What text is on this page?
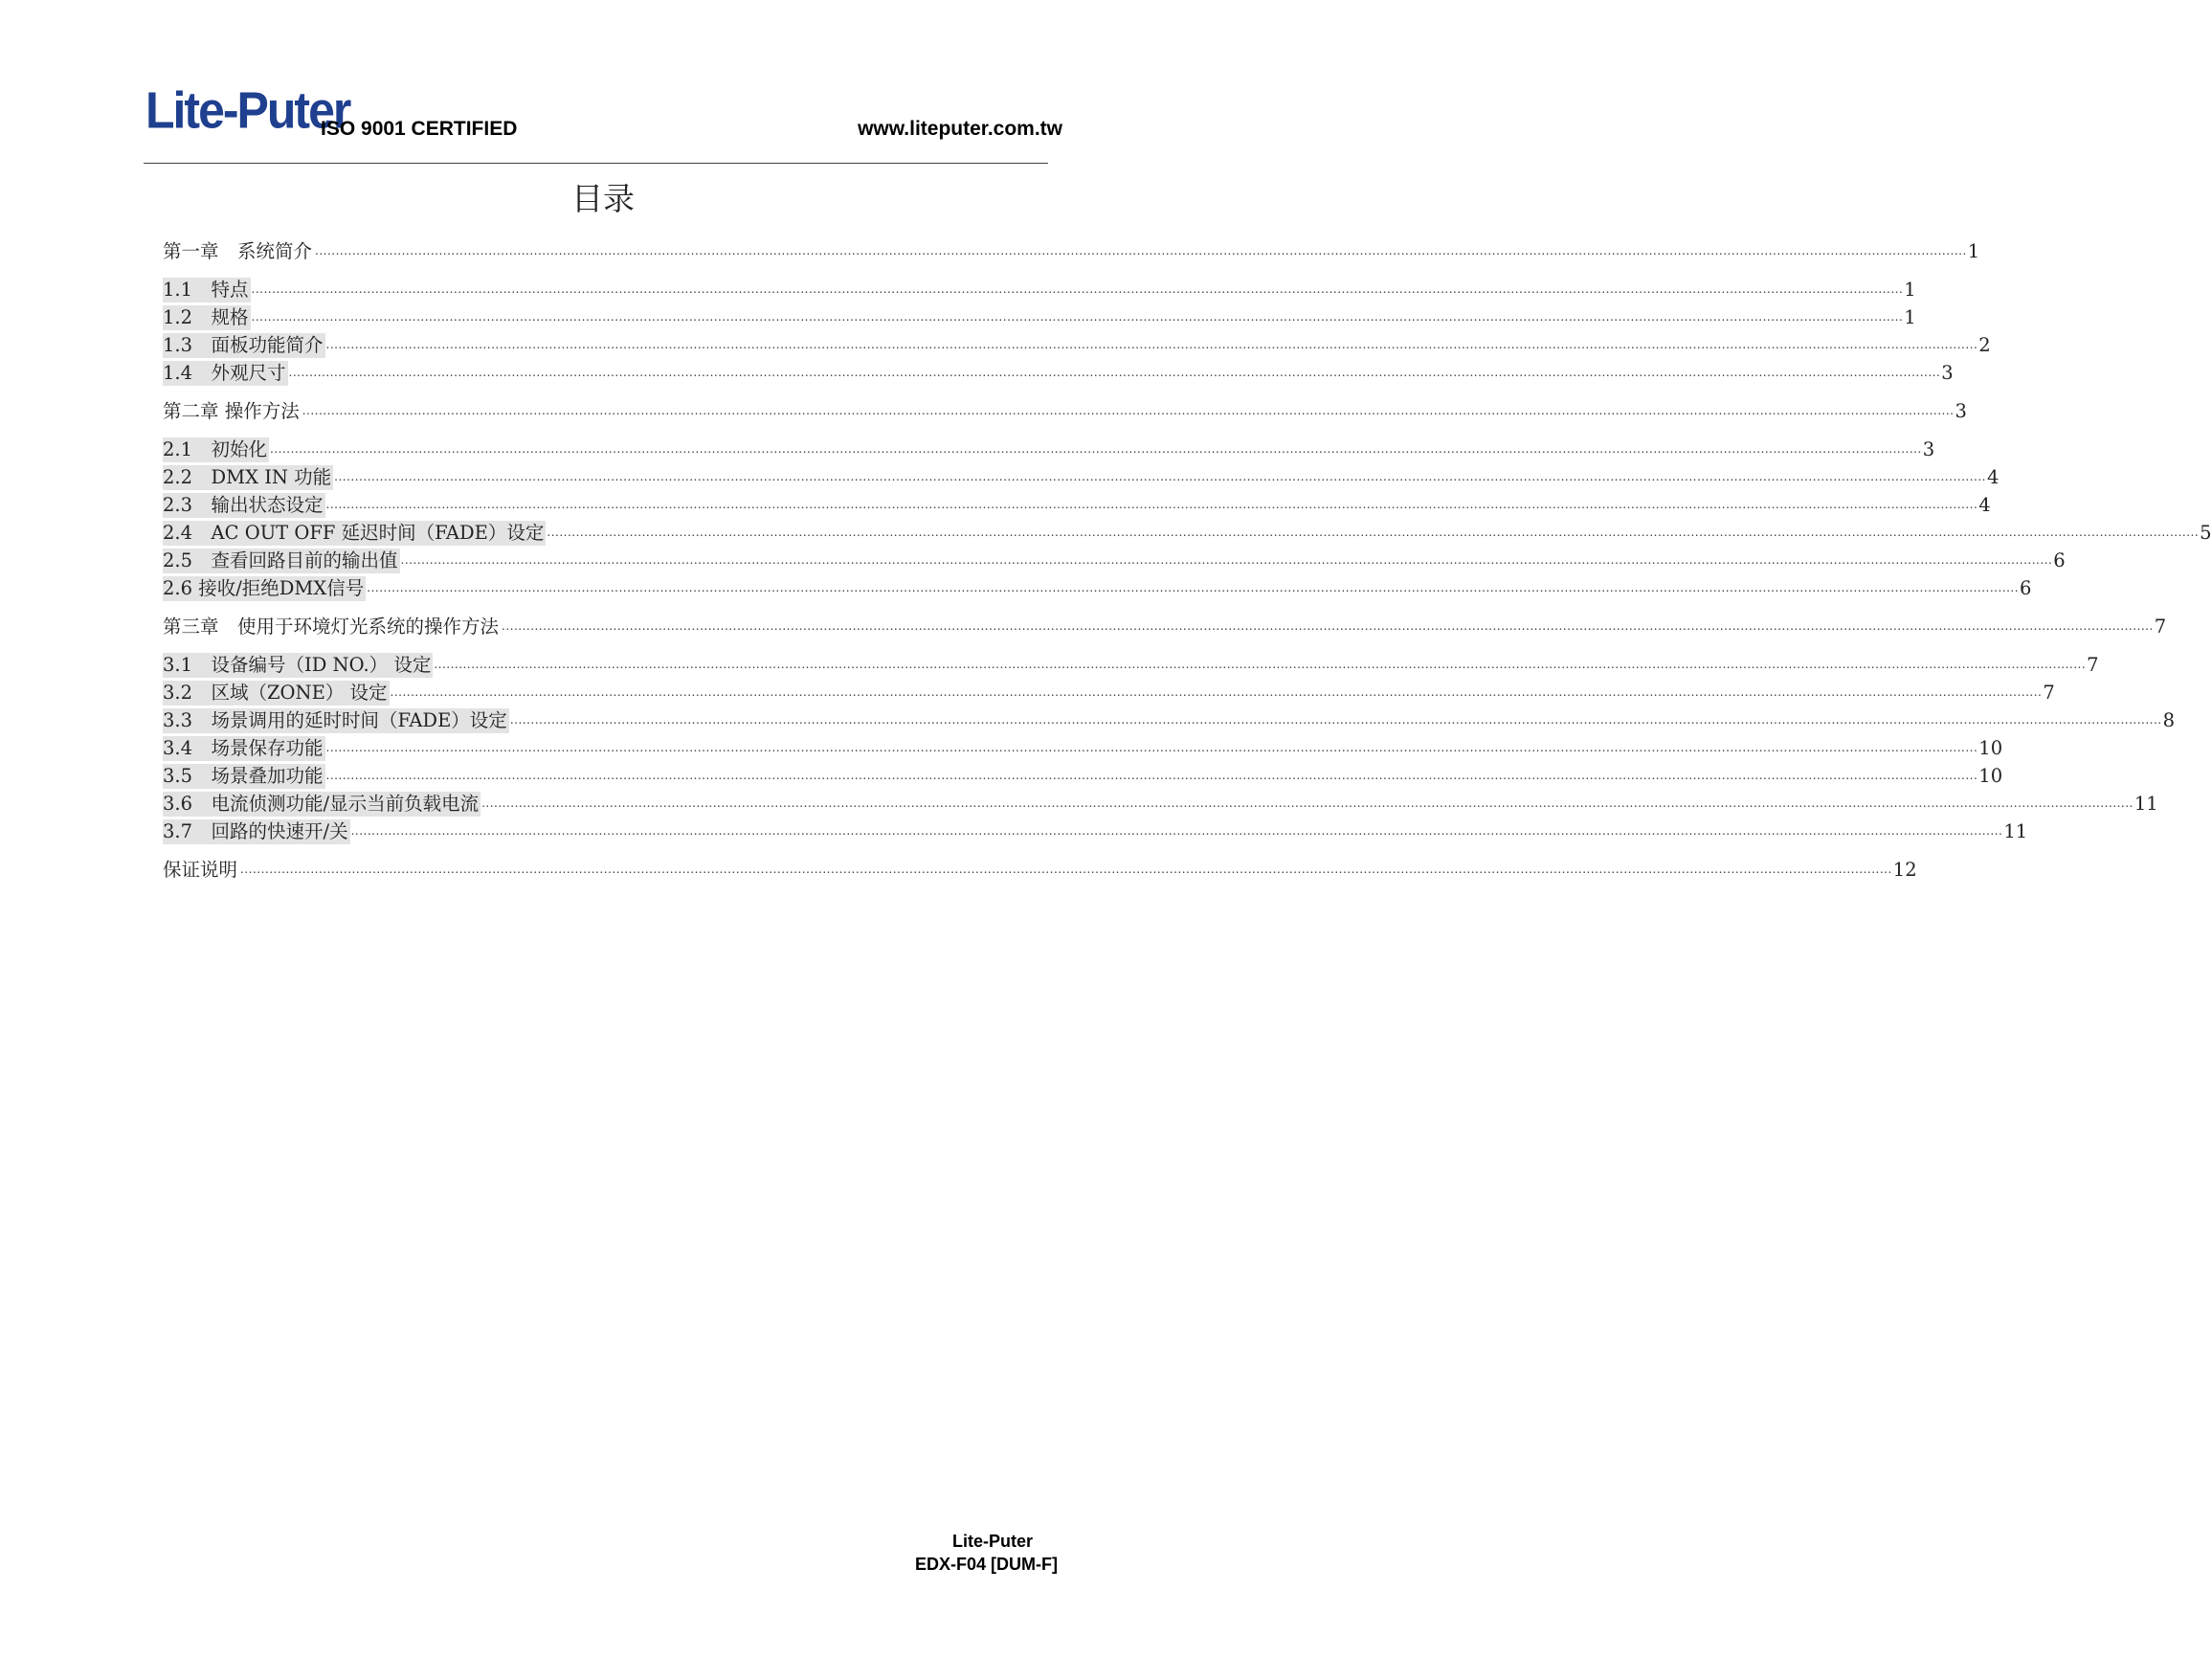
Lite-Puter
ISO 9001 CERTIFIED	www.liteputer.com.tw
目录
第一章　系统简介 ................................................................................................................................................................................................................................................................................................................................................................................................................ 1
1.1　特点 ................................................................................................................................................................................................................................................................................................................................................................................................................ 1
1.2　规格 ................................................................................................................................................................................................................................................................................................................................................................................................................ 1
1.3　面板功能简介 ................................................................................................................................................................................................................................................................................................................................................................................................................ 2
1.4　外观尺寸 ................................................................................................................................................................................................................................................................................................................................................................................................................ 3
第二章 操作方法 ................................................................................................................................................................................................................................................................................................................................................................................................................ 3
2.1　初始化 ................................................................................................................................................................................................................................................................................................................................................................................................................ 3
2.2　DMX IN 功能 ................................................................................................................................................................................................................................................................................................................................................................................................................ 4
2.3　输出状态设定 ................................................................................................................................................................................................................................................................................................................................................................................................................ 4
2.4　AC OUT OFF 延迟时间（FADE）设定 ................................................................................................................................................................................................................................................................................................................................................................................................................ 5
2.5　查看回路目前的输出值 ................................................................................................................................................................................................................................................................................................................................................................................................................ 6
2.6 接收/拒绝DMX信号 ................................................................................................................................................................................................................................................................................................................................................................................................................ 6
第三章　使用于环境灯光系统的操作方法 ................................................................................................................................................................................................................................................................................................................................................................................................................ 7
3.1　设备编号（ID NO.） 设定 ................................................................................................................................................................................................................................................................................................................................................................................................................ 7
3.2　区域（ZONE） 设定 ................................................................................................................................................................................................................................................................................................................................................................................................................ 7
3.3　场景调用的延时时间（FADE）设定 ................................................................................................................................................................................................................................................................................................................................................................................................................ 8
3.4　场景保存功能 ................................................................................................................................................................................................................................................................................................................................................................................................................ 10
3.5　场景叠加功能 ................................................................................................................................................................................................................................................................................................................................................................................................................ 10
3.6　电流侦测功能/显示当前负载电流 ................................................................................................................................................................................................................................................................................................................................................................................................................ 11
3.7　回路的快速开/关 ................................................................................................................................................................................................................................................................................................................................................................................................................ 11
保证说明 ................................................................................................................................................................................................................................................................................................................................................................................................................ 12
Lite-Puter
EDX-F04 [DUM-F]
